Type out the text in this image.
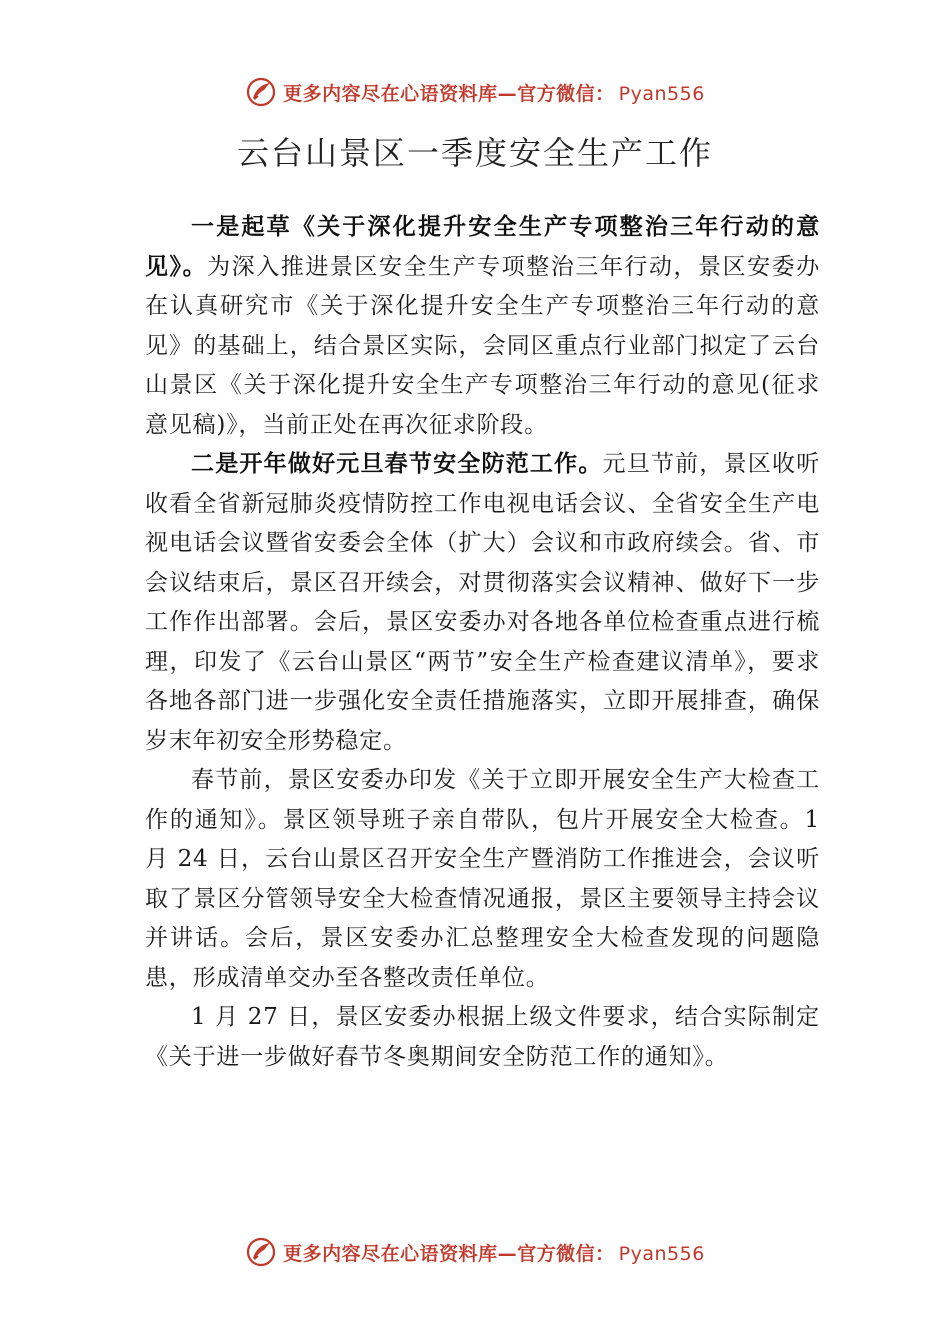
更多内容尽在心语资料库—官方微信： Pyan556
云台山景区一季度安全生产工作

一是起草《关于深化提升安全生产专项整治三年行动的意见》。为深入推进景区安全生产专项整治三年行动，景区安委办在认真研究市《关于深化提升安全生产专项整治三年行动的意见》的基础上，结合景区实际，会同区重点行业部门拟定了云台山景区《关于深化提升安全生产专项整治三年行动的意见(征求意见稿)》，当前正处在再次征求阶段。

二是开年做好元旦春节安全防范工作。元旦节前，景区收听收看全省新冠肺炎疫情防控工作电视电话会议、全省安全生产电视电话会议暨省安委会全体（扩大）会议和市政府续会。省、市会议结束后，景区召开续会，对贯彻落实会议精神、做好下一步工作作出部署。会后，景区安委办对各地各单位检查重点进行梳理，印发了《云台山景区“两节”安全生产检查建议清单》，要求各地各部门进一步强化安全责任措施落实，立即开展排查，确保岁末年初安全形势稳定。

春节前，景区安委办印发《关于立即开展安全生产大检查工作的通知》。景区领导班子亲自带队，包片开展安全大检查。1 月 24 日，云台山景区召开安全生产暨消防工作推进会，会议听取了景区分管领导安全大检查情况通报，景区主要领导主持会议并讲话。会后，景区安委办汇总整理安全大检查发现的问题隐患，形成清单交办至各整改责任单位。

1 月 27 日，景区安委办根据上级文件要求，结合实际制定《关于进一步做好春节冬奥期间安全防范工作的通知》。

更多内容尽在心语资料库—官方微信： Pyan556
